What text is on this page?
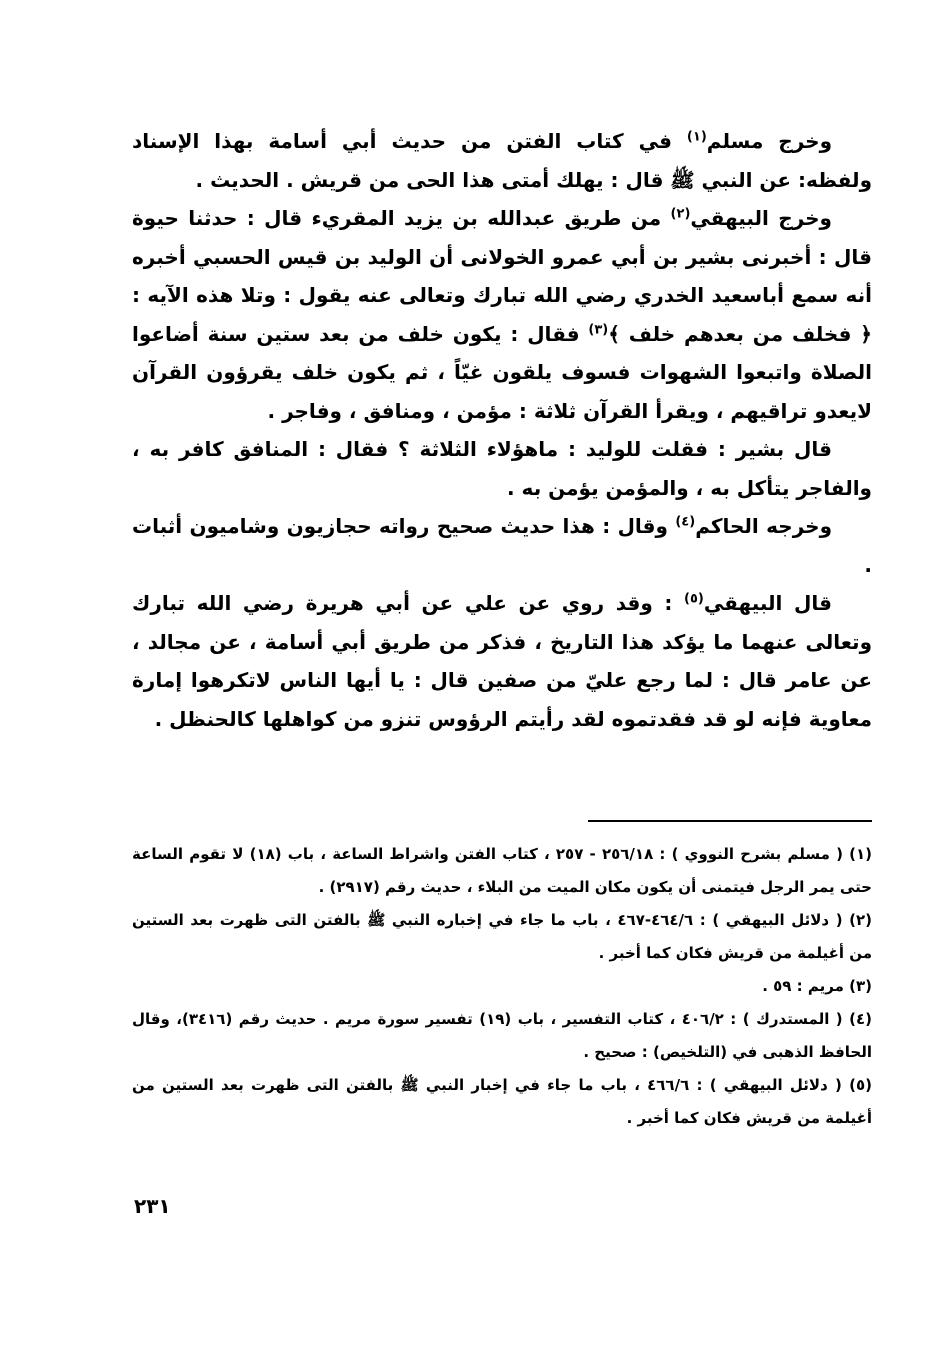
وخرج مسلم$^{(١)}$ في كتاب الفتن من حديث أبي أسامة بهذا الإسناد ولفظه: عن النبي ﷺ قال : يهلك أمتى هذا الحى من قريش . الحديث .

وخرج البيهقي$^{(٢)}$ من طريق عبدالله بن يزيد المقريء قال : حدثنا حيوة قال : أخبرنى بشير بن أبي عمرو الخولانى أن الوليد بن قيس الحسبي أخبره أنه سمع أباسعيد الخدري رضي الله تبارك وتعالى عنه يقول : وتلا هذه الآيه : ﴿ فخلف من بعدهم خلف ﴾$^{(٣)}$ فقال : يكون خلف من بعد ستين سنة أضاعوا الصلاة واتبعوا الشهوات فسوف يلقون غيّاً ، ثم يكون خلف يقرؤون القرآن لايعدو تراقيهم ، ويقرأ القرآن ثلاثة : مؤمن ، ومنافق ، وفاجر .

قال بشير : فقلت للوليد : ماهؤلاء الثلاثة ؟ فقال : المنافق كافر به ، والفاجر يتأكل به ، والمؤمن يؤمن به .

وخرجه الحاكم$^{(٤)}$ وقال : هذا حديث صحيح رواته حجازيون وشاميون أثبات .

قال البيهقي$^{(٥)}$ : وقد روي عن علي عن أبي هريرة رضي الله تبارك وتعالى عنهما ما يؤكد هذا التاريخ ، فذكر من طريق أبي أسامة ، عن مجالد ، عن عامر قال : لما رجع عليّ من صفين قال : يا أيها الناس لاتكرهوا إمارة معاوية فإنه لو قد فقدتموه لقد رأيتم الرؤوس تنزو من كواهلها كالحنظل .

(١) ( مسلم بشرح النووي ) : ٢٥٦/١٨ - ٢٥٧ ، كتاب الفتن واشراط الساعة ، باب (١٨) لا تقوم الساعة حتى يمر الرجل فيتمنى أن يكون مكان الميت من البلاء ، حديث رقم (٢٩١٧) .

(٢) ( دلائل البيهقي ) : ٤٦٤/٦-٤٦٧ ، باب ما جاء في إخباره النبي ﷺ بالفتن التى ظهرت بعد الستين من أغيلمة من قريش فكان كما أخبر .

(٣) مريم : ٥٩ .

(٤) ( المستدرك ) : ٤٠٦/٢ ، كتاب التفسير ، باب (١٩) تفسير سورة مريم . حديث رقم (٣٤١٦)، وقال الحافظ الذهبى في (التلخيص) : صحيح .

(٥) ( دلائل البيهقي ) : ٤٦٦/٦ ، باب ما جاء في إخبار النبي ﷺ بالفتن التى ظهرت بعد الستين من أغيلمة من قريش فكان كما أخبر .

٢٣١
